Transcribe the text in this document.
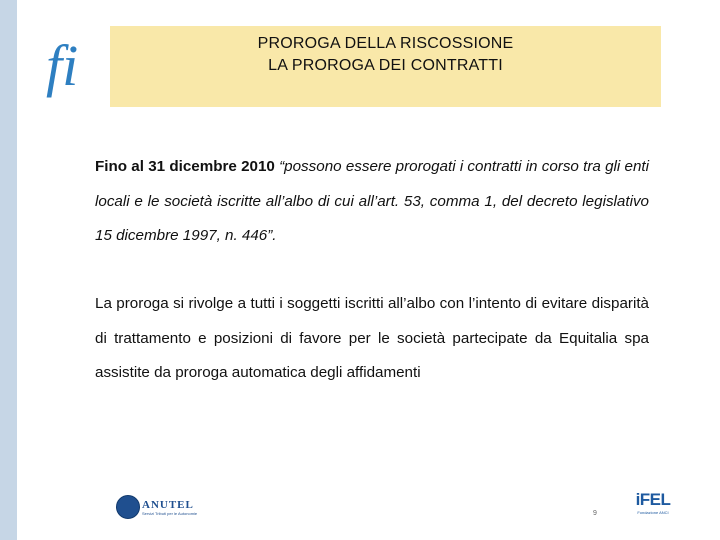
fi	PROROGA DELLA RISCOSSIONE
LA PROROGA DEI CONTRATTI
Fino al 31 dicembre 2010 “possono essere prorogati i contratti in corso tra gli enti locali e le società iscritte all’albo di cui all’art. 53, comma 1, del decreto legislativo 15 dicembre 1997, n. 446”.
La proroga si rivolge a tutti i soggetti iscritti all’albo con l’intento di evitare disparità di trattamento e posizioni di favore per le società partecipate da Equitalia spa assistite da proroga automatica degli affidamenti
ANUTEL
Servizi Tributi per le Autonomie	9
iFEL
Fondazione ANCI
